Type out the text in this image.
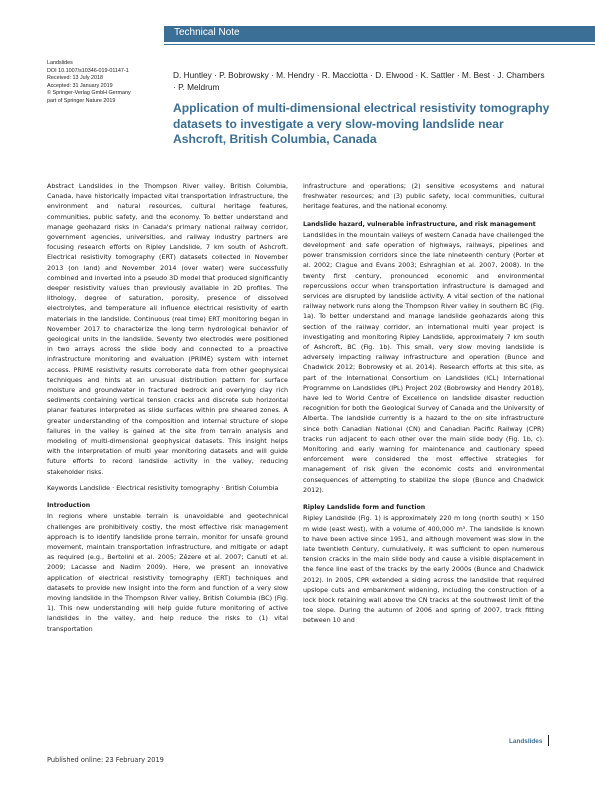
Technical Note
Landslides
DOI 10.1007/s10346-019-01147-1
Received: 13 July 2018
Accepted: 31 January 2019
© Springer-Verlag GmbH Germany
part of Springer Nature 2019
D. Huntley · P. Bobrowsky · M. Hendry · R. Macciotta · D. Elwood · K. Sattler · M. Best · J. Chambers · P. Meldrum
Application of multi-dimensional electrical resistivity tomography datasets to investigate a very slow-moving landslide near Ashcroft, British Columbia, Canada

Abstract Landslides in the Thompson River valley, British Columbia, Canada, have historically impacted vital transportation infrastructure, the environment and natural resources, cultural heritage features, communities, public safety, and the economy. To better understand and manage geohazard risks in Canada's primary national railway corridor, government agencies, universities, and railway industry partners are focusing research efforts on Ripley Landslide, 7 km south of Ashcroft. Electrical resistivity tomography (ERT) datasets collected in November 2013 (on land) and November 2014 (over water) were successfully combined and inverted into a pseudo 3D model that produced significantly deeper resistivity values than previously available in 2D profiles. The lithology, degree of saturation, porosity, presence of dissolved electrolytes, and temperature all influence electrical resistivity of earth materials in the landslide. Continuous (real time) ERT monitoring began in November 2017 to characterize the long term hydrological behavior of geological units in the landslide. Seventy two electrodes were positioned in two arrays across the slide body and connected to a proactive infrastructure monitoring and evaluation (PRIME) system with internet access. PRIME resistivity results corroborate data from other geophysical techniques and hints at an unusual distribution pattern for surface moisture and groundwater in fractured bedrock and overlying clay rich sediments containing vertical tension cracks and discrete sub horizontal planar features interpreted as slide surfaces within pre sheared zones. A greater understanding of the composition and internal structure of slope failures in the valley is gained at the site from terrain analysis and modeling of multi-dimensional geophysical datasets. This insight helps with the interpretation of multi year monitoring datasets and will guide future efforts to record landslide activity in the valley, reducing stakeholder risks.

Keywords Landslide · Electrical resistivity tomography · British Columbia

Introduction

In regions where unstable terrain is unavoidable and geotechnical challenges are prohibitively costly, the most effective risk management approach is to identify landslide prone terrain, monitor for unsafe ground movement, maintain transportation infrastructure, and mitigate or adapt as required (e.g., Bertolini et al. 2005; Zêzere et al. 2007; Canuti et al. 2009; Lacasse and Nadim 2009). Here, we present an innovative application of electrical resistivity tomography (ERT) techniques and datasets to provide new insight into the form and function of a very slow moving landslide in the Thompson River valley, British Columbia (BC) (Fig. 1). This new understanding will help guide future monitoring of active landslides in the valley, and help reduce the risks to (1) vital transportation

infrastructure and operations; (2) sensitive ecosystems and natural freshwater resources; and (3) public safety, local communities, cultural heritage features, and the national economy.

Landslide hazard, vulnerable infrastructure, and risk management

Landslides in the mountain valleys of western Canada have challenged the development and safe operation of highways, railways, pipelines and power transmission corridors since the late nineteenth century (Porter et al. 2002; Clague and Evans 2003; Eshraghian et al. 2007, 2008). In the twenty first century, pronounced economic and environmental repercussions occur when transportation infrastructure is damaged and services are disrupted by landslide activity. A vital section of the national railway network runs along the Thompson River valley in southern BC (Fig. 1a). To better understand and manage landslide geohazards along this section of the railway corridor, an international multi year project is investigating and monitoring Ripley Landslide, approximately 7 km south of Ashcroft, BC (Fig. 1b). This small, very slow moving landslide is adversely impacting railway infrastructure and operation (Bunce and Chadwick 2012; Bobrowsky et al. 2014). Research efforts at this site, as part of the International Consortium on Landslides (ICL) International Programme on Landslides (IPL) Project 202 (Bobrowsky and Hendry 2018), have led to World Centre of Excellence on landslide disaster reduction recognition for both the Geological Survey of Canada and the University of Alberta. The landslide currently is a hazard to the on site infrastructure since both Canadian National (CN) and Canadian Pacific Railway (CPR) tracks run adjacent to each other over the main slide body (Fig. 1b, c). Monitoring and early warning for maintenance and cautionary speed enforcement were considered the most effective strategies for management of risk given the economic costs and environmental consequences of attempting to stabilize the slope (Bunce and Chadwick 2012).

Ripley Landslide form and function

Ripley Landslide (Fig. 1) is approximately 220 m long (north south) × 150 m wide (east west), with a volume of 400,000 m³. The landslide is known to have been active since 1951, and although movement was slow in the late twentieth Century, cumulatively, it was sufficient to open numerous tension cracks in the main slide body and cause a visible displacement in the fence line east of the tracks by the early 2000s (Bunce and Chadwick 2012). In 2005, CPR extended a siding across the landslide that required upslope cuts and embankment widening, including the construction of a lock block retaining wall above the CN tracks at the southwest limit of the toe slope. During the autumn of 2006 and spring of 2007, track fitting between 10 and

Landslides
Published online: 23 February 2019
